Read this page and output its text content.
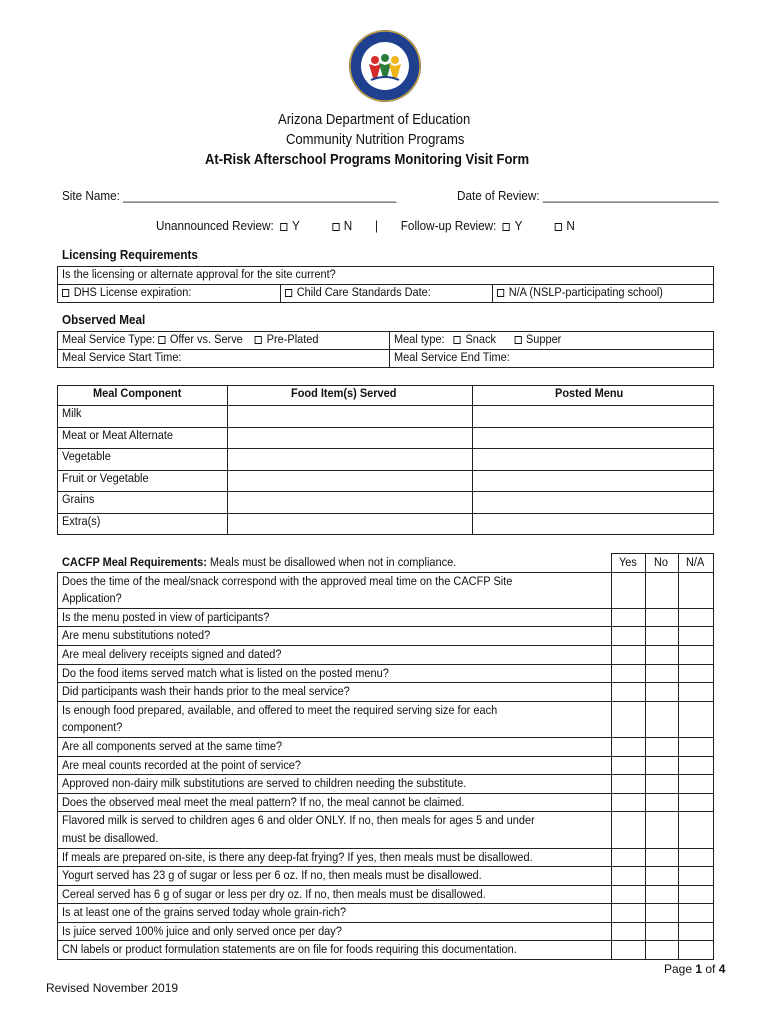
Arizona Department of Education
Community Nutrition Programs
At-Risk Afterschool Programs Monitoring Visit Form
Site Name: __________________________________________	Date of Review: ___________________________
Unannounced Review: Y	N | Follow-up Review: Y	N
Licensing Requirements
Is the licensing or alternate approval for the site current?
DHS License expiration:	Child Care Standards Date:	N/A (NSLP-participating school)
Observed Meal
Meal Service Type: Offer vs. Serve Pre-Plated	Meal type: Snack Supper
Meal Service Start Time:	Meal Service End Time:
Meal Component	Food Item(s) Served	Posted Menu
Milk		
Meat or Meat Alternate		
Vegetable		
Fruit or Vegetable		
Grains		
Extra(s)		
CACFP Meal Requirements: Meals must be disallowed when not in compliance.	Yes	No	N/A

Does the time of the meal/snack correspond with the approved meal time on the CACFP Site
Application?			

Is the menu posted in view of participants?			

Are menu substitutions noted?			

Are meal delivery receipts signed and dated?			

Do the food items served match what is listed on the posted menu?			

Did participants wash their hands prior to the meal service?			

Is enough food prepared, available, and offered to meet the required serving size for each
component?			

Are all components served at the same time?			

Are meal counts recorded at the point of service?			

Approved non-dairy milk substitutions are served to children needing the substitute.			

Does the observed meal meet the meal pattern? If no, the meal cannot be claimed.			

Flavored milk is served to children ages 6 and older ONLY. If no, then meals for ages 5 and under
must be disallowed.			

If meals are prepared on-site, is there any deep-fat frying? If yes, then meals must be disallowed.			

Yogurt served has 23 g of sugar or less per 6 oz. If no, then meals must be disallowed.			

Cereal served has 6 g of sugar or less per dry oz. If no, then meals must be disallowed.			

Is at least one of the grains served today whole grain-rich?			

Is juice served 100% juice and only served once per day?			

CN labels or product formulation statements are on file for foods requiring this documentation.			

Page 1 of 4
Revised November 2019
